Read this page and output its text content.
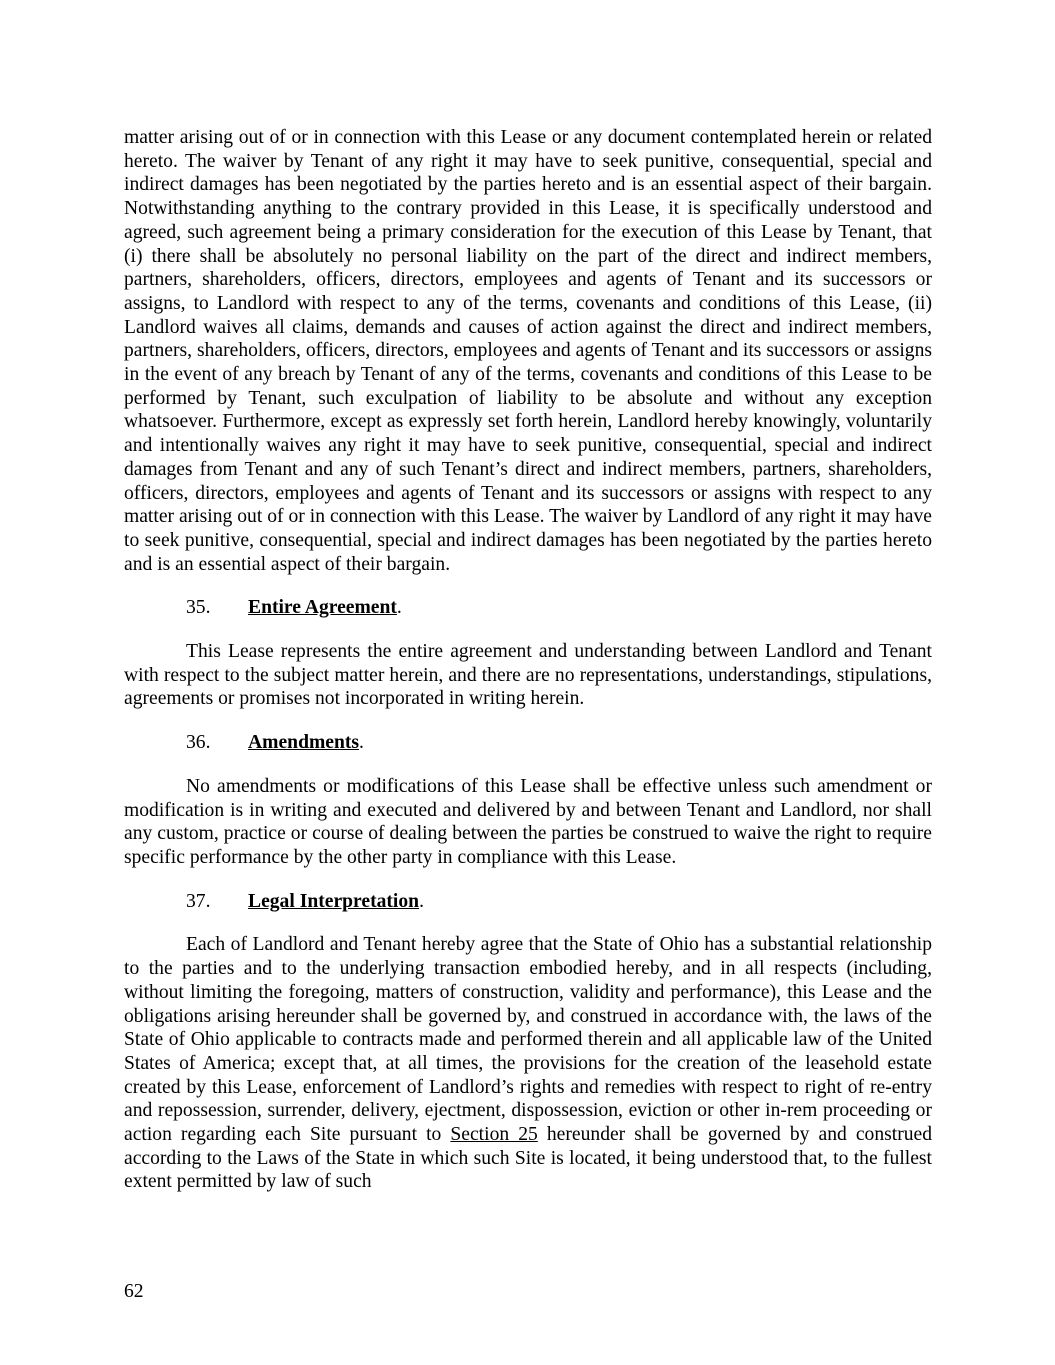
matter arising out of or in connection with this Lease or any document contemplated herein or related hereto. The waiver by Tenant of any right it may have to seek punitive, consequential, special and indirect damages has been negotiated by the parties hereto and is an essential aspect of their bargain. Notwithstanding anything to the contrary provided in this Lease, it is specifically understood and agreed, such agreement being a primary consideration for the execution of this Lease by Tenant, that (i) there shall be absolutely no personal liability on the part of the direct and indirect members, partners, shareholders, officers, directors, employees and agents of Tenant and its successors or assigns, to Landlord with respect to any of the terms, covenants and conditions of this Lease, (ii) Landlord waives all claims, demands and causes of action against the direct and indirect members, partners, shareholders, officers, directors, employees and agents of Tenant and its successors or assigns in the event of any breach by Tenant of any of the terms, covenants and conditions of this Lease to be performed by Tenant, such exculpation of liability to be absolute and without any exception whatsoever. Furthermore, except as expressly set forth herein, Landlord hereby knowingly, voluntarily and intentionally waives any right it may have to seek punitive, consequential, special and indirect damages from Tenant and any of such Tenant’s direct and indirect members, partners, shareholders, officers, directors, employees and agents of Tenant and its successors or assigns with respect to any matter arising out of or in connection with this Lease. The waiver by Landlord of any right it may have to seek punitive, consequential, special and indirect damages has been negotiated by the parties hereto and is an essential aspect of their bargain.

35. Entire Agreement.

This Lease represents the entire agreement and understanding between Landlord and Tenant with respect to the subject matter herein, and there are no representations, understandings, stipulations, agreements or promises not incorporated in writing herein.

36. Amendments.

No amendments or modifications of this Lease shall be effective unless such amendment or modification is in writing and executed and delivered by and between Tenant and Landlord, nor shall any custom, practice or course of dealing between the parties be construed to waive the right to require specific performance by the other party in compliance with this Lease.

37. Legal Interpretation.

Each of Landlord and Tenant hereby agree that the State of Ohio has a substantial relationship to the parties and to the underlying transaction embodied hereby, and in all respects (including, without limiting the foregoing, matters of construction, validity and performance), this Lease and the obligations arising hereunder shall be governed by, and construed in accordance with, the laws of the State of Ohio applicable to contracts made and performed therein and all applicable law of the United States of America; except that, at all times, the provisions for the creation of the leasehold estate created by this Lease, enforcement of Landlord’s rights and remedies with respect to right of re-entry and repossession, surrender, delivery, ejectment, dispossession, eviction or other in-rem proceeding or action regarding each Site pursuant to Section 25 hereunder shall be governed by and construed according to the Laws of the State in which such Site is located, it being understood that, to the fullest extent permitted by law of such

62
